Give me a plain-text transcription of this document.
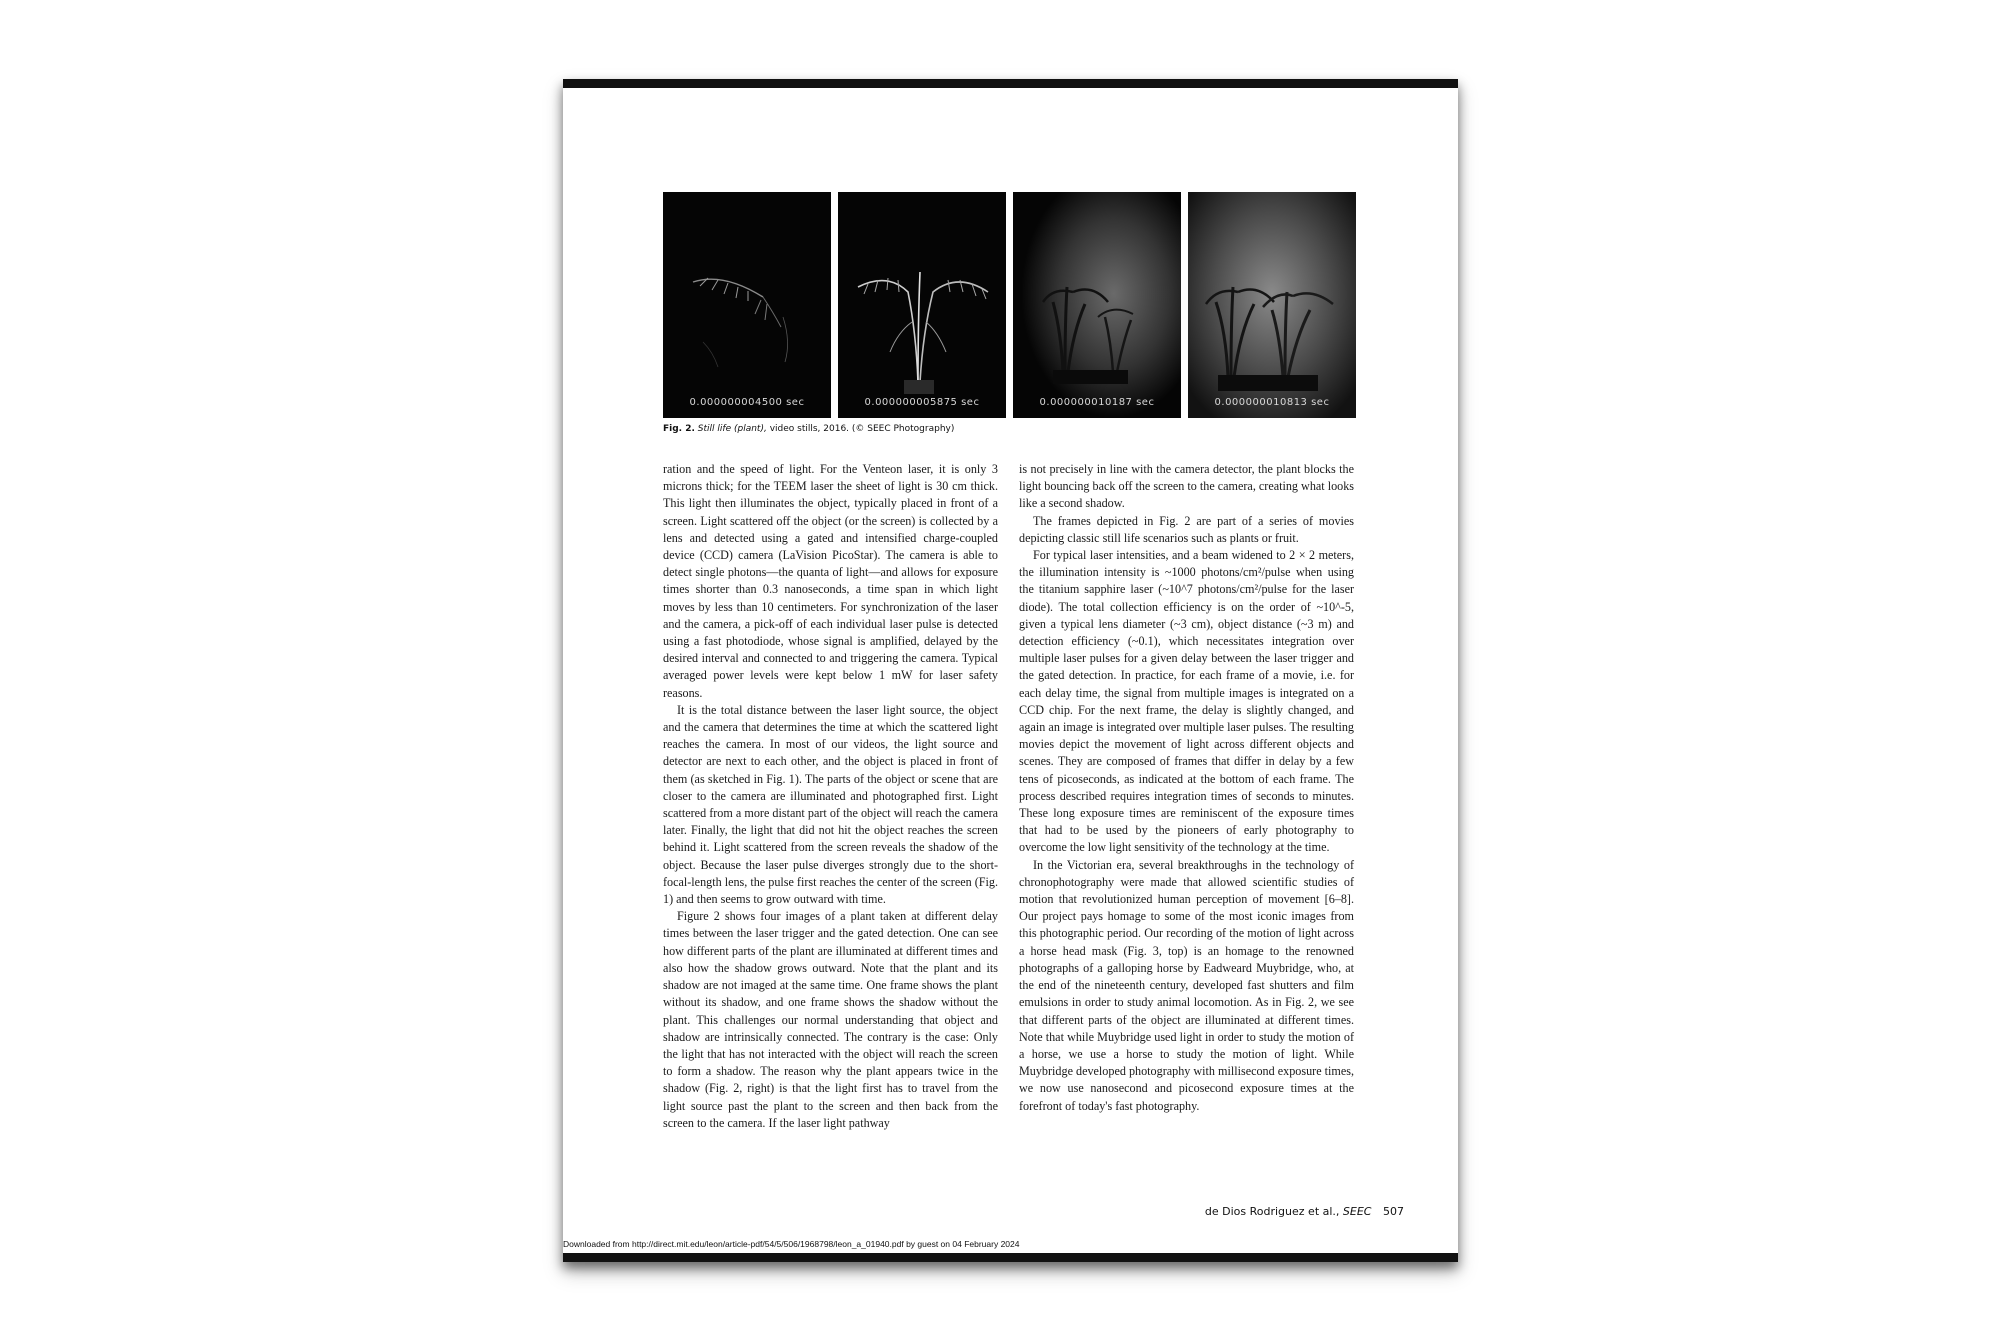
0.000000004500 sec	0.000000005875 sec	0.000000010187 sec	0.000000010813 sec
Fig. 2. Still life (plant), video stills, 2016. (© SEEC Photography)

ration and the speed of light. For the Venteon laser, it is only 3 microns thick; for the TEEM laser the sheet of light is 30 cm thick. This light then illuminates the object, typically placed in front of a screen. Light scattered off the object (or the screen) is collected by a lens and detected using a gated and intensified charge-coupled device (CCD) camera (LaVision PicoStar). The camera is able to detect single photons—the quanta of light—and allows for exposure times shorter than 0.3 nanoseconds, a time span in which light moves by less than 10 centimeters. For synchronization of the laser and the camera, a pick-off of each individual laser pulse is detected using a fast photodiode, whose signal is amplified, delayed by the desired interval and connected to and triggering the camera. Typical averaged power levels were kept below 1 mW for laser safety reasons.

It is the total distance between the laser light source, the object and the camera that determines the time at which the scattered light reaches the camera. In most of our videos, the light source and detector are next to each other, and the object is placed in front of them (as sketched in Fig. 1). The parts of the object or scene that are closer to the camera are illuminated and photographed first. Light scattered from a more distant part of the object will reach the camera later. Finally, the light that did not hit the object reaches the screen behind it. Light scattered from the screen reveals the shadow of the object. Because the laser pulse diverges strongly due to the short-focal-length lens, the pulse first reaches the center of the screen (Fig. 1) and then seems to grow outward with time.

Figure 2 shows four images of a plant taken at different delay times between the laser trigger and the gated detection. One can see how different parts of the plant are illuminated at different times and also how the shadow grows outward. Note that the plant and its shadow are not imaged at the same time. One frame shows the plant without its shadow, and one frame shows the shadow without the plant. This challenges our normal understanding that object and shadow are intrinsically connected. The contrary is the case: Only the light that has not interacted with the object will reach the screen to form a shadow. The reason why the plant appears twice in the shadow (Fig. 2, right) is that the light first has to travel from the light source past the plant to the screen and then back from the screen to the camera. If the laser light pathway

is not precisely in line with the camera detector, the plant blocks the light bouncing back off the screen to the camera, creating what looks like a second shadow.

The frames depicted in Fig. 2 are part of a series of movies depicting classic still life scenarios such as plants or fruit.

For typical laser intensities, and a beam widened to 2 × 2 meters, the illumination intensity is ~1000 photons/cm²/pulse when using the titanium sapphire laser (~10^7 photons/cm²/pulse for the laser diode). The total collection efficiency is on the order of ~10^-5, given a typical lens diameter (~3 cm), object distance (~3 m) and detection efficiency (~0.1), which necessitates integration over multiple laser pulses for a given delay between the laser trigger and the gated detection. In practice, for each frame of a movie, i.e. for each delay time, the signal from multiple images is integrated on a CCD chip. For the next frame, the delay is slightly changed, and again an image is integrated over multiple laser pulses. The resulting movies depict the movement of light across different objects and scenes. They are composed of frames that differ in delay by a few tens of picoseconds, as indicated at the bottom of each frame. The process described requires integration times of seconds to minutes. These long exposure times are reminiscent of the exposure times that had to be used by the pioneers of early photography to overcome the low light sensitivity of the technology at the time.

In the Victorian era, several breakthroughs in the technology of chronophotography were made that allowed scientific studies of motion that revolutionized human perception of movement [6–8]. Our project pays homage to some of the most iconic images from this photographic period. Our recording of the motion of light across a horse head mask (Fig. 3, top) is an homage to the renowned photographs of a galloping horse by Eadweard Muybridge, who, at the end of the nineteenth century, developed fast shutters and film emulsions in order to study animal locomotion. As in Fig. 2, we see that different parts of the object are illuminated at different times. Note that while Muybridge used light in order to study the motion of a horse, we use a horse to study the motion of light. While Muybridge developed photography with millisecond exposure times, we now use nanosecond and picosecond exposure times at the forefront of today's fast photography.

de Dios Rodriguez et al., SEEC 507
Downloaded from http://direct.mit.edu/leon/article-pdf/54/5/506/1968798/leon_a_01940.pdf by guest on 04 February 2024
